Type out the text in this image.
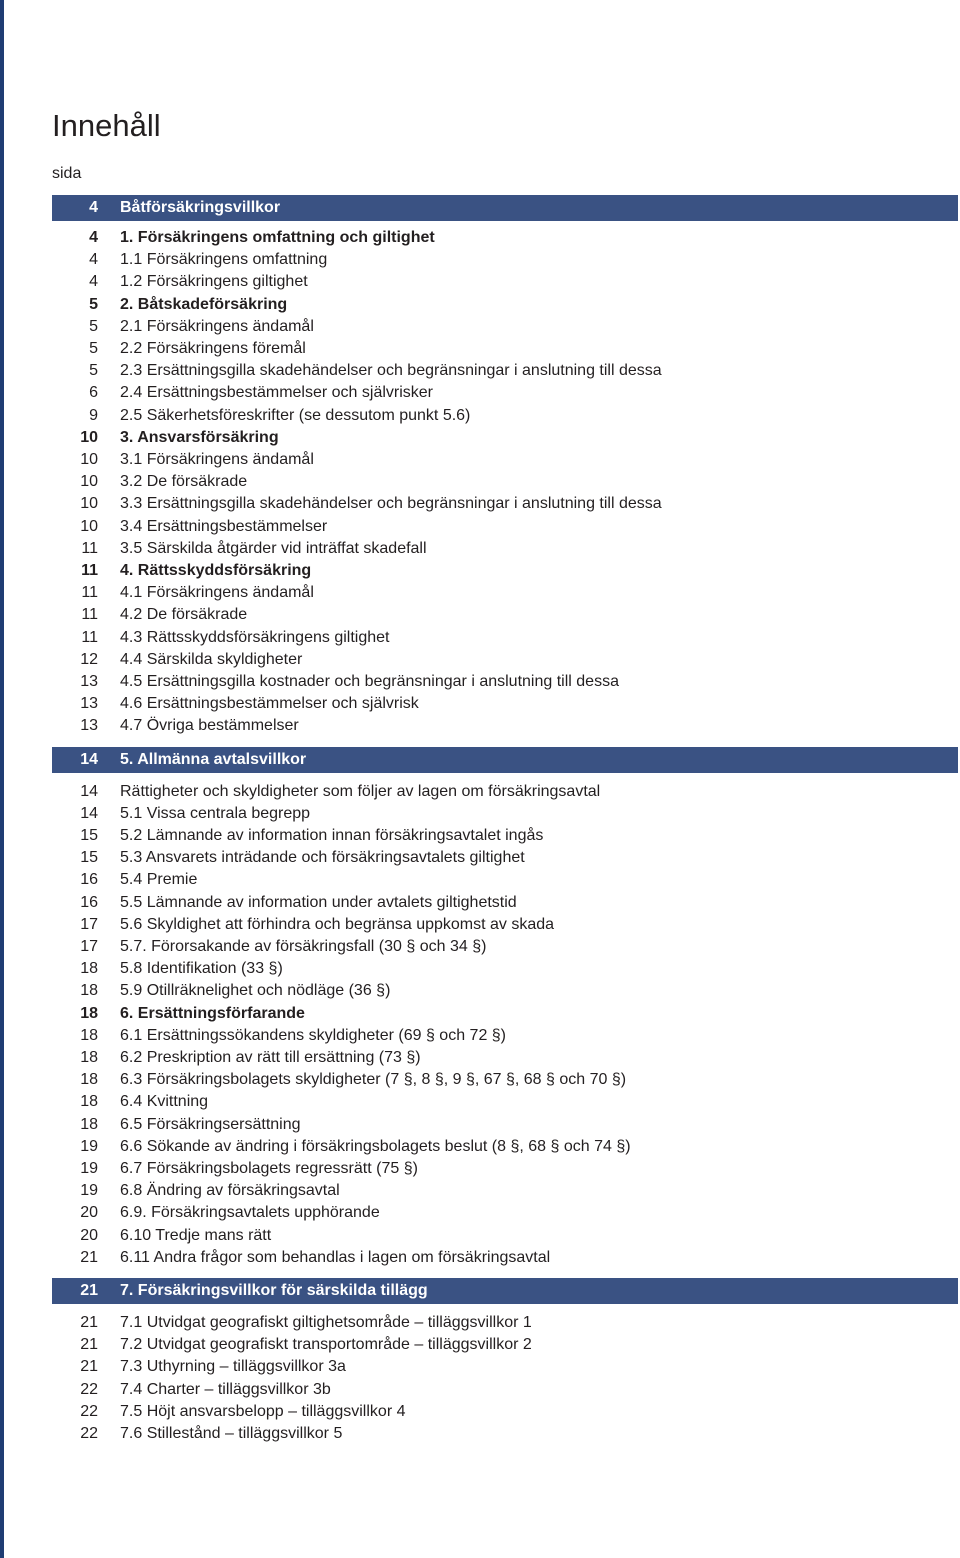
Innehåll
sida
4 Båtförsäkringsvillkor
4 1. Försäkringens omfattning och giltighet
4 1.1 Försäkringens omfattning
4 1.2 Försäkringens giltighet
5 2. Båtskadeförsäkring
5 2.1 Försäkringens ändamål
5 2.2 Försäkringens föremål
5 2.3 Ersättningsgilla skadehändelser och begränsningar i anslutning till dessa
6 2.4 Ersättningsbestämmelser och självrisker
9 2.5 Säkerhetsföreskrifter (se dessutom punkt 5.6)
10 3. Ansvarsförsäkring
10 3.1 Försäkringens ändamål
10 3.2 De försäkrade
10 3.3 Ersättningsgilla skadehändelser och begränsningar i anslutning till dessa
10 3.4 Ersättningsbestämmelser
11 3.5 Särskilda åtgärder vid inträffat skadefall
11 4. Rättsskyddsförsäkring
11 4.1 Försäkringens ändamål
11 4.2 De försäkrade
11 4.3 Rättsskyddsförsäkringens giltighet
12 4.4 Särskilda skyldigheter
13 4.5 Ersättningsgilla kostnader och begränsningar i anslutning till dessa
13 4.6 Ersättningsbestämmelser och självrisk
13 4.7 Övriga bestämmelser
14 5. Allmänna avtalsvillkor
14 Rättigheter och skyldigheter som följer av lagen om försäkringsavtal
14 5.1 Vissa centrala begrepp
15 5.2 Lämnande av information innan försäkringsavtalet ingås
15 5.3 Ansvarets inträdande och försäkringsavtalets giltighet
16 5.4 Premie
16 5.5 Lämnande av information under avtalets giltighetstid
17 5.6 Skyldighet att förhindra och begränsa uppkomst av skada
17 5.7. Förorsakande av försäkringsfall (30 § och 34 §)
18 5.8 Identifikation (33 §)
18 5.9 Otillräknelighet och nödläge (36 §)
18 6. Ersättningsförfarande
18 6.1 Ersättningssökandens skyldigheter (69 § och 72 §)
18 6.2 Preskription av rätt till ersättning (73 §)
18 6.3 Försäkringsbolagets skyldigheter (7 §, 8 §, 9 §, 67 §, 68 § och 70 §)
18 6.4 Kvittning
18 6.5 Försäkringsersättning
19 6.6 Sökande av ändring i försäkringsbolagets beslut (8 §, 68 § och 74 §)
19 6.7 Försäkringsbolagets regressrätt (75 §)
19 6.8 Ändring av försäkringsavtal
20 6.9. Försäkringsavtalets upphörande
20 6.10 Tredje mans rätt
21 6.11 Andra frågor som behandlas i lagen om försäkringsavtal
21 7. Försäkringsvillkor för särskilda tillägg
21 7.1 Utvidgat geografiskt giltighetsområde – tilläggsvillkor 1
21 7.2 Utvidgat geografiskt transportområde – tilläggsvillkor 2
21 7.3 Uthyrning – tilläggsvillkor 3a
22 7.4 Charter – tilläggsvillkor 3b
22 7.5 Höjt ansvarsbelopp – tilläggsvillkor 4
22 7.6 Stillestånd – tilläggsvillkor 5
